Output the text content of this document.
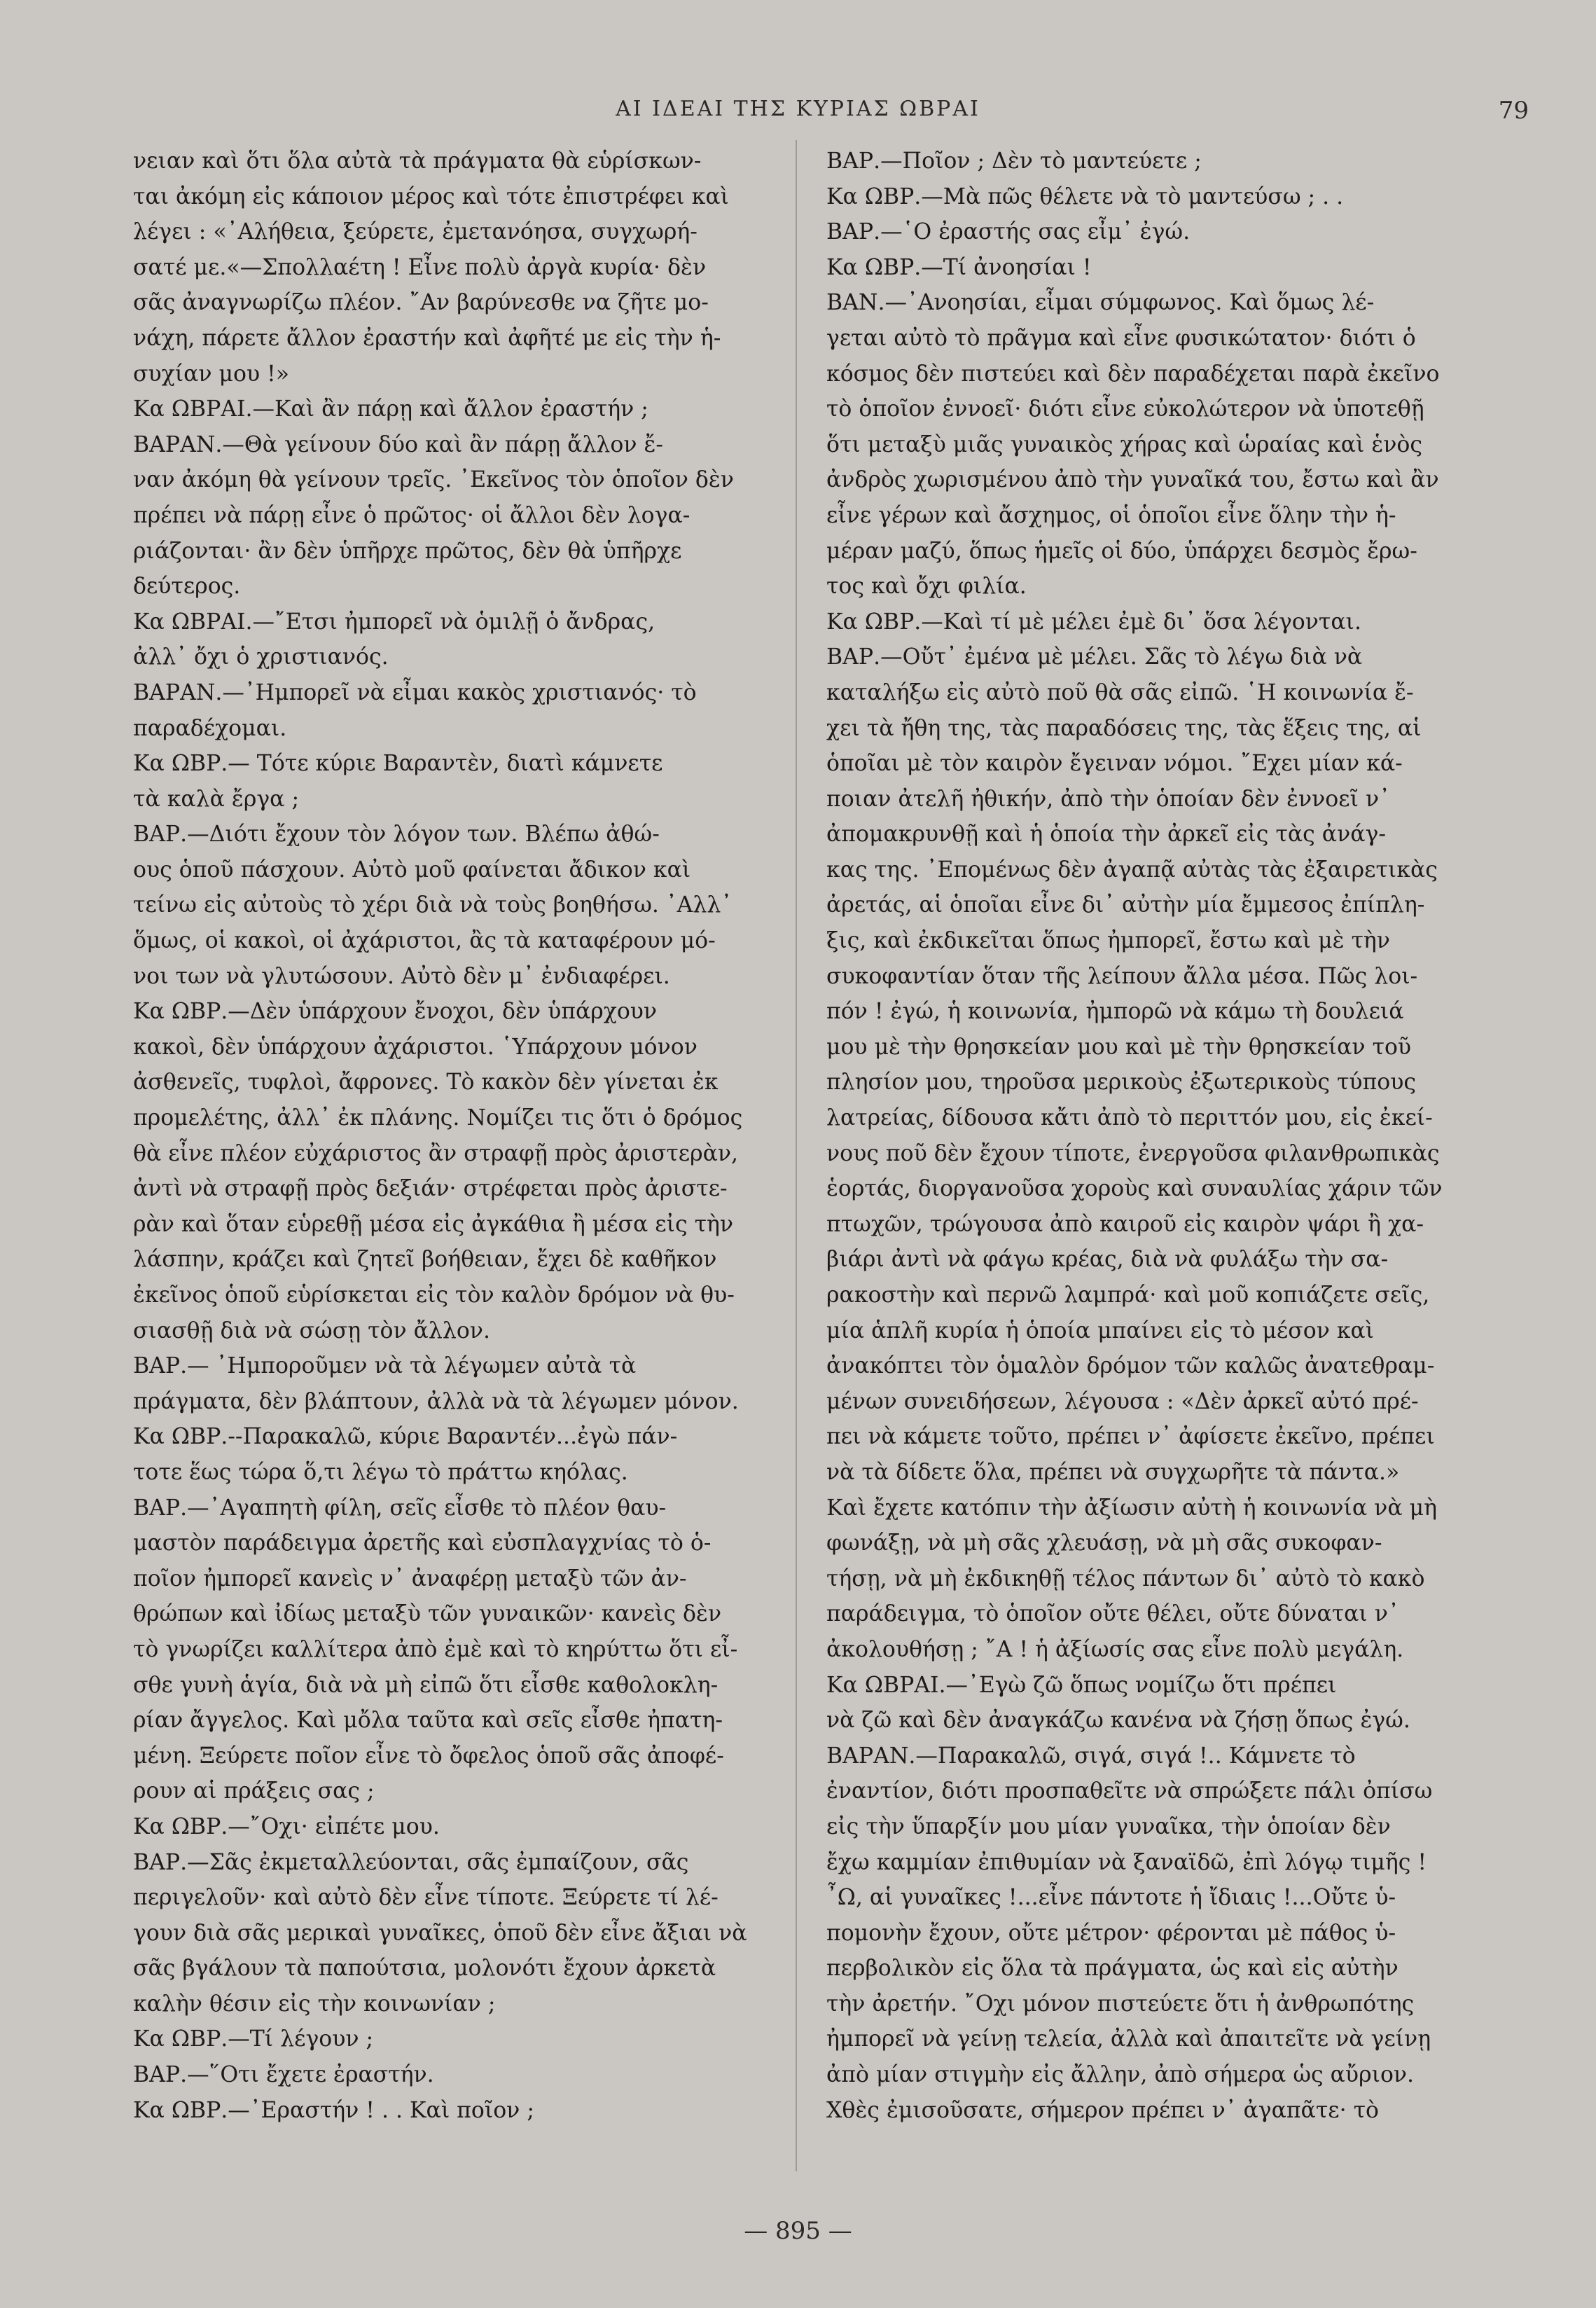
ΑΙ ΙΔΕΑΙ ΤΗΣ ΚΥΡΙΑΣ ΩΒΡΑΙ	79

νειαν καὶ ὅτι ὅλα αὐτὰ τὰ πράγματα θὰ εὑρίσκων-

ται ἀκόμη εἰς κάποιον μέρος καὶ τότε ἐπιστρέφει καὶ

λέγει : «᾿Αλήθεια, ξεύρετε, ἐμετανόησα, συγχωρή-

σατέ με.«—Σπολλαέτη ! Εἶνε πολὺ ἀργὰ κυρία· δὲν

σᾶς ἀναγνωρίζω πλέον. ῎Αν βαρύνεσθε να ζῆτε μο-

νάχη, πάρετε ἄλλον ἐραστήν καὶ ἀφῆτέ με εἰς τὴν ἡ-

συχίαν μου !»

Κα ΩΒΡΑΙ.—Καὶ ἂν πάρῃ καὶ ἄλλον ἐραστήν ;

ΒΑΡΑΝ.—Θὰ γείνουν δύο καὶ ἂν πάρῃ ἄλλον ἔ-

ναν ἀκόμη θὰ γείνουν τρεῖς. ᾿Εκεῖνος τὸν ὁποῖον δὲν

πρέπει νὰ πάρῃ εἶνε ὁ πρῶτος· οἱ ἄλλοι δὲν λογα-

ριάζονται· ἂν δὲν ὑπῆρχε πρῶτος, δὲν θὰ ὑπῆρχε

δεύτερος.

Κα ΩΒΡΑΙ.—῎Ετσι ἠμπορεῖ νὰ ὁμιλῇ ὁ ἄνδρας,

ἀλλ᾿ ὄχι ὁ χριστιανός.

ΒΑΡΑΝ.—᾿Ημπορεῖ νὰ εἶμαι κακὸς χριστιανός· τὸ

παραδέχομαι.

Κα ΩΒΡ.— Τότε κύριε Βαραντὲν, διατὶ κάμνετε

τὰ καλὰ ἔργα ;

ΒΑΡ.—Διότι ἔχουν τὸν λόγον των. Βλέπω ἀθώ-

ους ὁποῦ πάσχουν. Αὐτὸ μοῦ φαίνεται ἄδικον καὶ

τείνω εἰς αὐτοὺς τὸ χέρι διὰ νὰ τοὺς βοηθήσω. ᾿Αλλ᾿

ὅμως, οἱ κακοὶ, οἱ ἀχάριστοι, ἂς τὰ καταφέρουν μό-

νοι των νὰ γλυτώσουν. Αὐτὸ δὲν μ᾿ ἐνδιαφέρει.

Κα ΩΒΡ.—Δὲν ὑπάρχουν ἔνοχοι, δὲν ὑπάρχουν

κακοὶ, δὲν ὑπάρχουν ἀχάριστοι. ῾Υπάρχουν μόνον

ἀσθενεῖς, τυφλοὶ, ἄφρονες. Τὸ κακὸν δὲν γίνεται ἐκ

προμελέτης, ἀλλ᾿ ἐκ πλάνης. Νομίζει τις ὅτι ὁ δρόμος

θὰ εἶνε πλέον εὐχάριστος ἂν στραφῇ πρὸς ἀριστερὰν,

ἀντὶ νὰ στραφῇ πρὸς δεξιάν· στρέφεται πρὸς ἀριστε-

ρὰν καὶ ὅταν εὑρεθῇ μέσα εἰς ἀγκάθια ἢ μέσα εἰς τὴν

λάσπην, κράζει καὶ ζητεῖ βοήθειαν, ἔχει δὲ καθῆκον

ἐκεῖνος ὁποῦ εὑρίσκεται εἰς τὸν καλὸν δρόμον νὰ θυ-

σιασθῇ διὰ νὰ σώσῃ τὸν ἄλλον.

ΒΑΡ.— ᾿Ημποροῦμεν νὰ τὰ λέγωμεν αὐτὰ τὰ

πράγματα, δὲν βλάπτουν, ἀλλὰ νὰ τὰ λέγωμεν μόνον.

Κα ΩΒΡ.--Παρακαλῶ, κύριε Βαραντέν...ἐγὼ πάν-

τοτε ἕως τώρα ὅ,τι λέγω τὸ πράττω κηόλας.

ΒΑΡ.—᾿Αγαπητὴ φίλη, σεῖς εἶσθε τὸ πλέον θαυ-

μαστὸν παράδειγμα ἀρετῆς καὶ εὐσπλαγχνίας τὸ ὁ-

ποῖον ἠμπορεῖ κανεὶς ν᾿ ἀναφέρῃ μεταξὺ τῶν ἀν-

θρώπων καὶ ἰδίως μεταξὺ τῶν γυναικῶν· κανεὶς δὲν

τὸ γνωρίζει καλλίτερα ἀπὸ ἐμὲ καὶ τὸ κηρύττω ὅτι εἶ-

σθε γυνὴ ἁγία, διὰ νὰ μὴ εἰπῶ ὅτι εἶσθε καθολοκλη-

ρίαν ἄγγελος. Καὶ μὄλα ταῦτα καὶ σεῖς εἶσθε ἠπατη-

μένη. Ξεύρετε ποῖον εἶνε τὸ ὄφελος ὁποῦ σᾶς ἀποφέ-

ρουν αἱ πράξεις σας ;

Κα ΩΒΡ.—῎Οχι· εἰπέτε μου.

ΒΑΡ.—Σᾶς ἐκμεταλλεύονται, σᾶς ἐμπαίζουν, σᾶς

περιγελοῦν· καὶ αὐτὸ δὲν εἶνε τίποτε. Ξεύρετε τί λέ-

γουν διὰ σᾶς μερικαὶ γυναῖκες, ὁποῦ δὲν εἶνε ἄξιαι νὰ

σᾶς βγάλουν τὰ παπούτσια, μολονότι ἔχουν ἀρκετὰ

καλὴν θέσιν εἰς τὴν κοινωνίαν ;

Κα ΩΒΡ.—Τί λέγουν ;

ΒΑΡ.—῞Οτι ἔχετε ἐραστήν.

Κα ΩΒΡ.—᾿Εραστήν ! . . Καὶ ποῖον ;

ΒΑΡ.—Ποῖον ; Δὲν τὸ μαντεύετε ;

Κα ΩΒΡ.—Μὰ πῶς θέλετε νὰ τὸ μαντεύσω ; . .

ΒΑΡ.—῾Ο ἐραστής σας εἶμ᾿ ἐγώ.

Κα ΩΒΡ.—Τί ἀνοησίαι !

ΒΑΝ.—᾿Ανοησίαι, εἶμαι σύμφωνος. Καὶ ὅμως λέ-

γεται αὐτὸ τὸ πρᾶγμα καὶ εἶνε φυσικώτατον· διότι ὁ

κόσμος δὲν πιστεύει καὶ δὲν παραδέχεται παρὰ ἐκεῖνο

τὸ ὁποῖον ἐννοεῖ· διότι εἶνε εὐκολώτερον νὰ ὑποτεθῇ

ὅτι μεταξὺ μιᾶς γυναικὸς χήρας καὶ ὡραίας καὶ ἑνὸς

ἀνδρὸς χωρισμένου ἀπὸ τὴν γυναῖκά του, ἔστω καὶ ἂν

εἶνε γέρων καὶ ἄσχημος, οἱ ὁποῖοι εἶνε ὅλην τὴν ἡ-

μέραν μαζύ, ὅπως ἡμεῖς οἱ δύο, ὑπάρχει δεσμὸς ἔρω-

τος καὶ ὄχι φιλία.

Κα ΩΒΡ.—Καὶ τί μὲ μέλει ἐμὲ δι᾿ ὅσα λέγονται.

ΒΑΡ.—Οὔτ᾿ ἐμένα μὲ μέλει. Σᾶς τὸ λέγω διὰ νὰ

καταλήξω εἰς αὐτὸ ποῦ θὰ σᾶς εἰπῶ. ῾Η κοινωνία ἔ-

χει τὰ ἤθη της, τὰς παραδόσεις της, τὰς ἕξεις της, αἱ

ὁποῖαι μὲ τὸν καιρὸν ἔγειναν νόμοι. ῎Εχει μίαν κά-

ποιαν ἀτελῆ ἠθικήν, ἀπὸ τὴν ὁποίαν δὲν ἐννοεῖ ν᾿

ἀπομακρυνθῇ καὶ ἡ ὁποία τὴν ἀρκεῖ εἰς τὰς ἀνάγ-

κας της. ᾿Επομένως δὲν ἀγαπᾷ αὐτὰς τὰς ἐξαιρετικὰς

ἀρετάς, αἱ ὁποῖαι εἶνε δι᾿ αὐτὴν μία ἔμμεσος ἐπίπλη-

ξις, καὶ ἐκδικεῖται ὅπως ἠμπορεῖ, ἔστω καὶ μὲ τὴν

συκοφαντίαν ὅταν τῆς λείπουν ἄλλα μέσα. Πῶς λοι-

πόν ! ἐγώ, ἡ κοινωνία, ἠμπορῶ νὰ κάμω τὴ δουλειά

μου μὲ τὴν θρησκείαν μου καὶ μὲ τὴν θρησκείαν τοῦ

πλησίον μου, τηροῦσα μερικοὺς ἐξωτερικοὺς τύπους

λατρείας, δίδουσα κἄτι ἀπὸ τὸ περιττόν μου, εἰς ἐκεί-

νους ποῦ δὲν ἔχουν τίποτε, ἐνεργοῦσα φιλανθρωπικὰς

ἑορτάς, διοργανοῦσα χοροὺς καὶ συναυλίας χάριν τῶν

πτωχῶν, τρώγουσα ἀπὸ καιροῦ εἰς καιρὸν ψάρι ἢ χα-

βιάρι ἀντὶ νὰ φάγω κρέας, διὰ νὰ φυλάξω τὴν σα-

ρακοστὴν καὶ περνῶ λαμπρά· καὶ μοῦ κοπιάζετε σεῖς,

μία ἁπλῆ κυρία ἡ ὁποία μπαίνει εἰς τὸ μέσον καὶ

ἀνακόπτει τὸν ὁμαλὸν δρόμον τῶν καλῶς ἀνατεθραμ-

μένων συνειδήσεων, λέγουσα : «Δὲν ἀρκεῖ αὐτό πρέ-

πει νὰ κάμετε τοῦτο, πρέπει ν᾿ ἀφίσετε ἐκεῖνο, πρέπει

νὰ τὰ δίδετε ὅλα, πρέπει νὰ συγχωρῆτε τὰ πάντα.»

Καὶ ἔχετε κατόπιν τὴν ἀξίωσιν αὐτὴ ἡ κοινωνία νὰ μὴ

φωνάξῃ, νὰ μὴ σᾶς χλευάσῃ, νὰ μὴ σᾶς συκοφαν-

τήσῃ, νὰ μὴ ἐκδικηθῇ τέλος πάντων δι᾿ αὐτὸ τὸ κακὸ

παράδειγμα, τὸ ὁποῖον οὔτε θέλει, οὔτε δύναται ν᾿

ἀκολουθήσῃ ; ῎Α ! ἡ ἀξίωσίς σας εἶνε πολὺ μεγάλη.

Κα ΩΒΡΑΙ.—᾿Εγὼ ζῶ ὅπως νομίζω ὅτι πρέπει

νὰ ζῶ καὶ δὲν ἀναγκάζω κανένα νὰ ζήσῃ ὅπως ἐγώ.

ΒΑΡΑΝ.—Παρακαλῶ, σιγά, σιγά !.. Κάμνετε τὸ

ἐναντίον, διότι προσπαθεῖτε νὰ σπρώξετε πάλι ὀπίσω

εἰς τὴν ὕπαρξίν μου μίαν γυναῖκα, τὴν ὁποίαν δὲν

ἔχω καμμίαν ἐπιθυμίαν νὰ ξαναϊδῶ, ἐπὶ λόγῳ τιμῆς !

῏Ω, αἱ γυναῖκες !...εἶνε πάντοτε ἡ ἴδιαις !...Οὔτε ὑ-

πομονὴν ἔχουν, οὔτε μέτρον· φέρονται μὲ πάθος ὑ-

περβολικὸν εἰς ὅλα τὰ πράγματα, ὡς καὶ εἰς αὐτὴν

τὴν ἀρετήν. ῎Οχι μόνον πιστεύετε ὅτι ἡ ἀνθρωπότης

ἠμπορεῖ νὰ γείνῃ τελεία, ἀλλὰ καὶ ἀπαιτεῖτε νὰ γείνῃ

ἀπὸ μίαν στιγμὴν εἰς ἄλλην, ἀπὸ σήμερα ὡς αὔριον.

Χθὲς ἐμισοῦσατε, σήμερον πρέπει ν᾿ ἀγαπᾶτε· τὸ

— 895 —
